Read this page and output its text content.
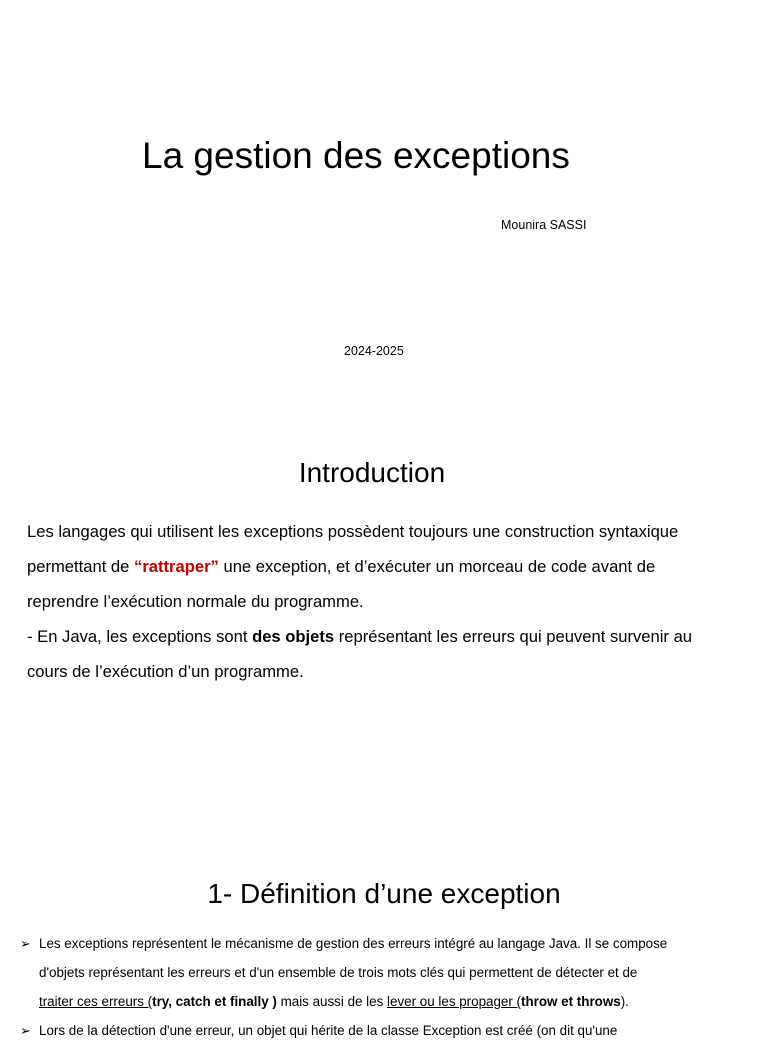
La gestion des exceptions
Mounira SASSI
2024-2025
Introduction
Les langages qui utilisent les exceptions possèdent toujours une construction syntaxique
permettant de “rattraper” une exception, et d’exécuter un morceau de code avant de
reprendre l’exécution normale du programme.
- En Java, les exceptions sont des objets représentant les erreurs qui peuvent survenir au
cours de l’exécution d’un programme.
1- Définition d’une exception
➢ Les exceptions représentent le mécanisme de gestion des erreurs intégré au langage Java. Il se compose
d'objets représentant les erreurs et d'un ensemble de trois mots clés qui permettent de détecter et de
traiter ces erreurs (try, catch et finally ) mais aussi de les lever ou les propager (throw et throws).
➢ Lors de la détection d'une erreur, un objet qui hérite de la classe Exception est créé (on dit qu'une
